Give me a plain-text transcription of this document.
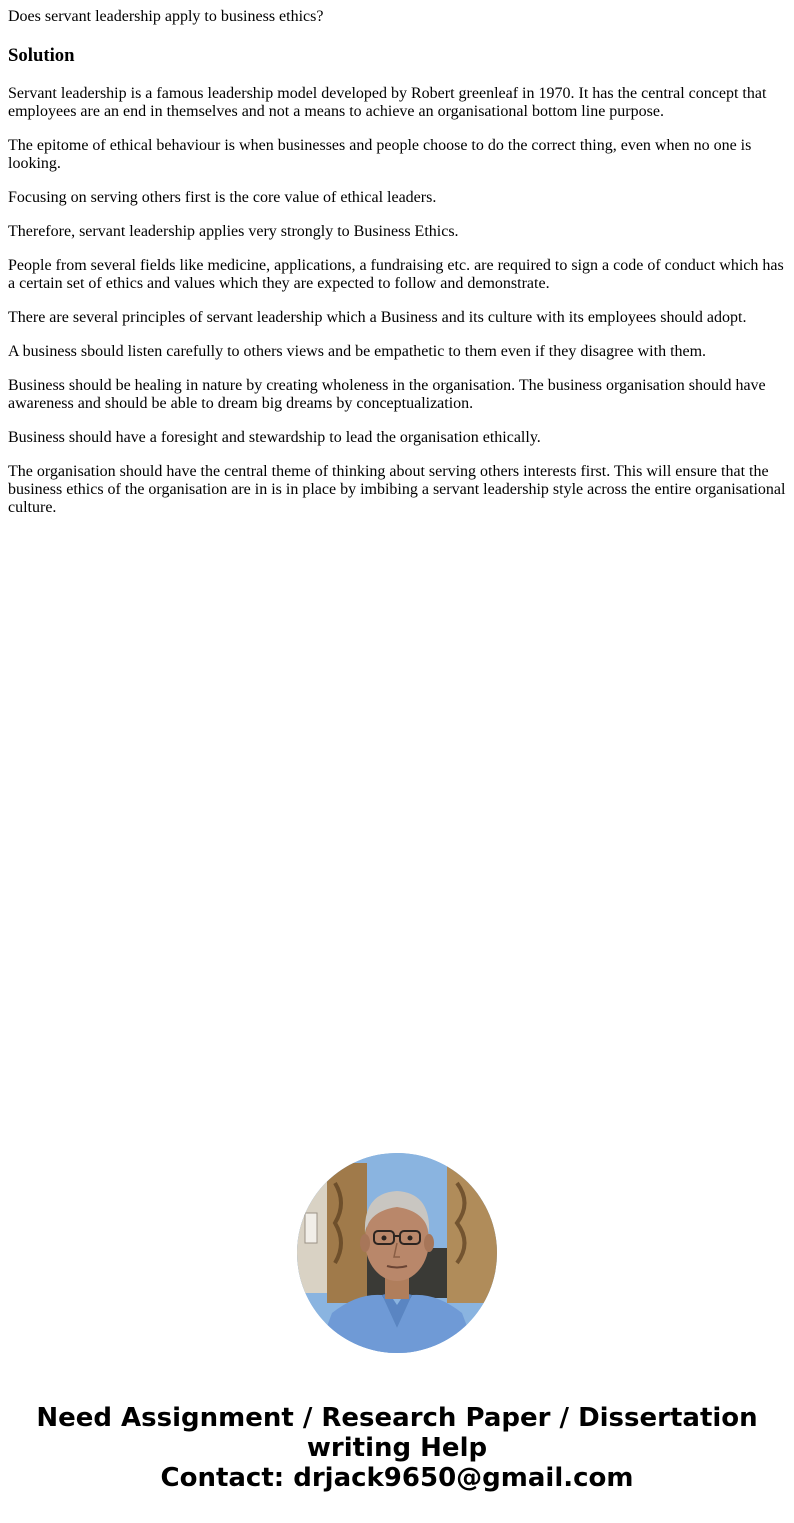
Does servant leadership apply to business ethics?
Solution

Servant leadership is a famous leadership model developed by Robert greenleaf in 1970. It has the central concept that employees are an end in themselves and not a means to achieve an organisational bottom line purpose.

The epitome of ethical behaviour is when businesses and people choose to do the correct thing, even when no one is looking.

Focusing on serving others first is the core value of ethical leaders.

Therefore, servant leadership applies very strongly to Business Ethics.

People from several fields like medicine, applications, a fundraising etc. are required to sign a code of conduct which has a certain set of ethics and values which they are expected to follow and demonstrate.

There are several principles of servant leadership which a Business and its culture with its employees should adopt.

A business sbould listen carefully to others views and be empathetic to them even if they disagree with them.

Business should be healing in nature by creating wholeness in the organisation. The business organisation should have awareness and should be able to dream big dreams by conceptualization.

Business should have a foresight and stewardship to lead the organisation ethically.

The organisation should have the central theme of thinking about serving others interests first. This will ensure that the business ethics of the organisation are in is in place by imbibing a servant leadership style across the entire organisational culture.

Need Assignment / Research Paper / Dissertation
writing Help
Contact: drjack9650@gmail.com
